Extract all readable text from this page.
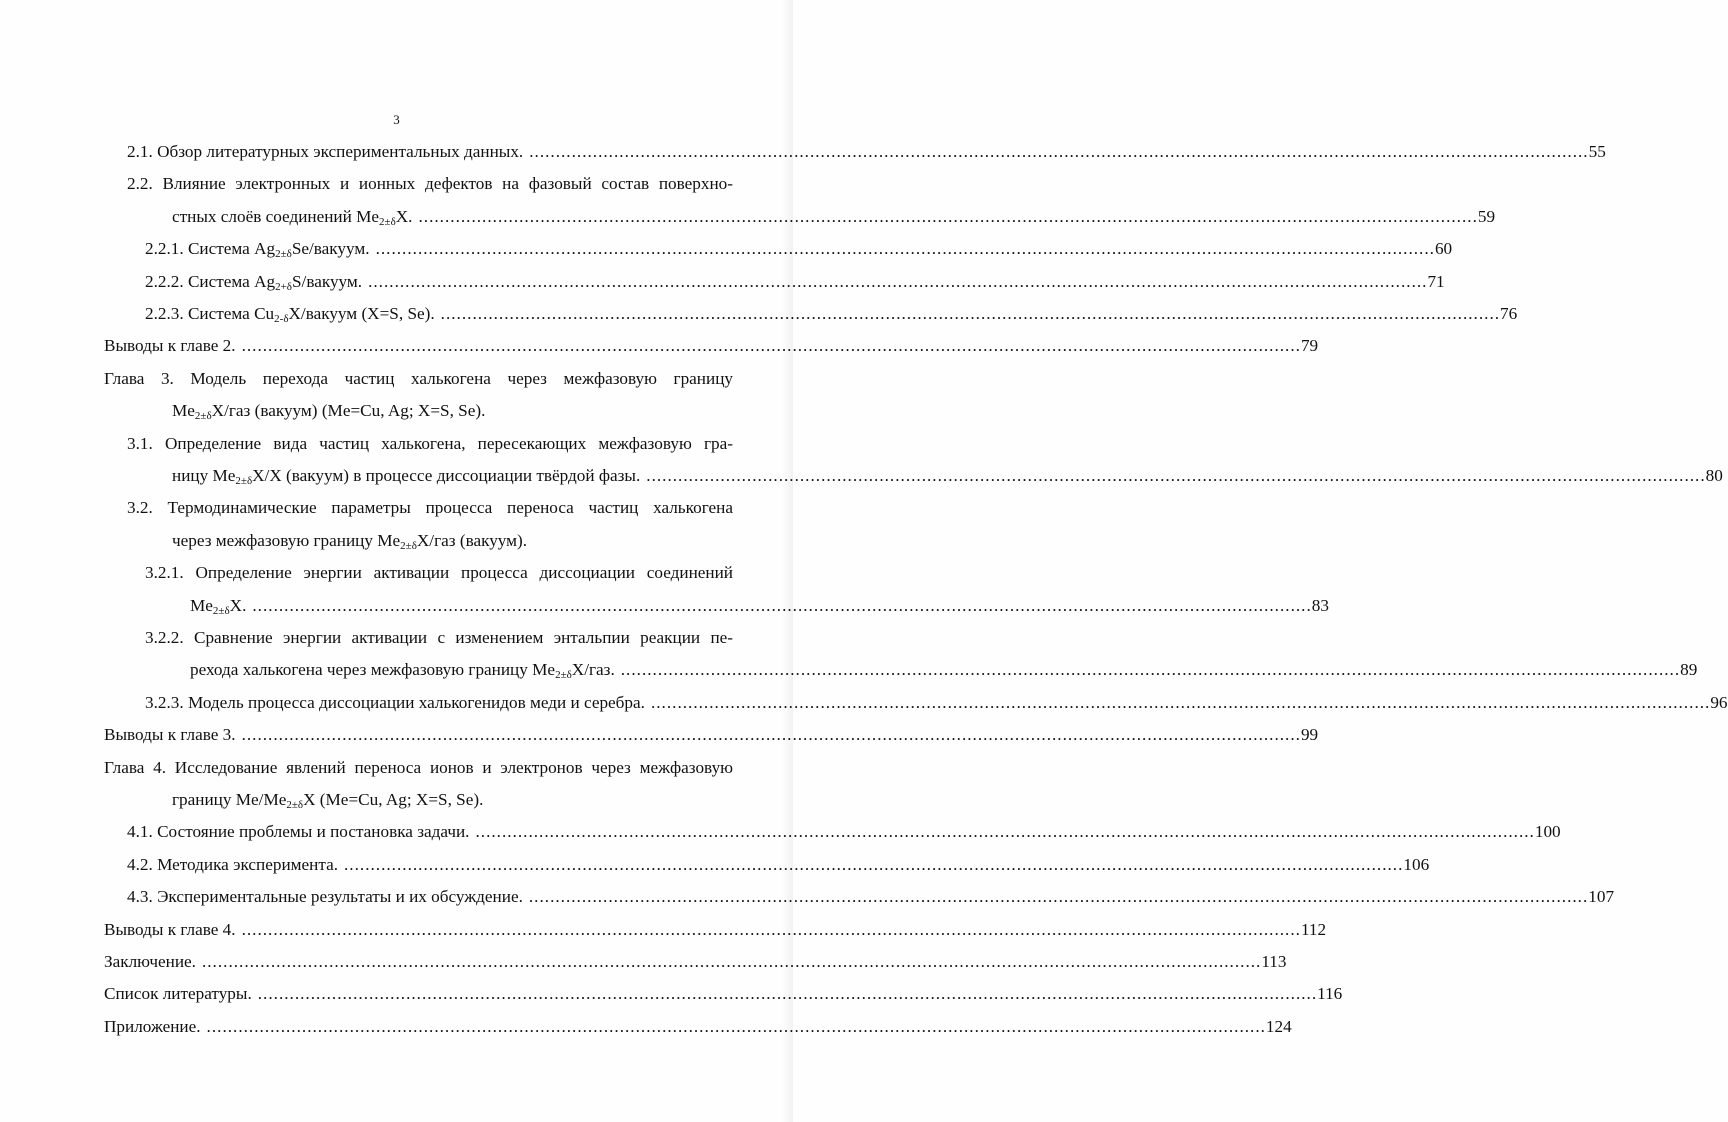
3
2.1. Обзор литературных экспериментальных данных. ........................................................................................................................................................................................................ 55
2.2. Влияние электронных и ионных дефектов на фазовый состав поверхно-
стных слоёв соединений $Me_{2\pm\delta}X$. ........................................................................................................................................................................................................ 59
2.2.1. Система $Ag_{2\pm\delta}Se$/вакуум. ........................................................................................................................................................................................................ 60
2.2.2. Система $Ag_{2+\delta}S$/вакуум. ........................................................................................................................................................................................................ 71
2.2.3. Система $Cu_{2-\delta}X$/вакуум (X=S, Se). ........................................................................................................................................................................................................ 76
Выводы к главе 2. ........................................................................................................................................................................................................ 79
Глава 3. Модель перехода частиц халькогена через межфазовую границу
$Me_{2\pm\delta}X$/газ (вакуум) (Me=Cu, Ag; X=S, Se).
3.1. Определение вида частиц халькогена, пересекающих межфазовую гра-
ницу $Me_{2\pm\delta}X/X$ (вакуум) в процессе диссоциации твёрдой фазы. ........................................................................................................................................................................................................ 80
3.2. Термодинамические параметры процесса переноса частиц халькогена
через межфазовую границу $Me_{2\pm\delta}X$/газ (вакуум).
3.2.1. Определение энергии активации процесса диссоциации соединений
$Me_{2\pm\delta}X$. ........................................................................................................................................................................................................ 83
3.2.2. Сравнение энергии активации с изменением энтальпии реакции пе-
рехода халькогена через межфазовую границу $Me_{2\pm\delta}X$/газ. ........................................................................................................................................................................................................ 89
3.2.3. Модель процесса диссоциации халькогенидов меди и серебра. ........................................................................................................................................................................................................ 96
Выводы к главе 3. ........................................................................................................................................................................................................ 99
Глава 4. Исследование явлений переноса ионов и электронов через межфазовую
границу $Me/Me_{2\pm\delta}X$ (Me=Cu, Ag; X=S, Se).
4.1. Состояние проблемы и постановка задачи. ........................................................................................................................................................................................................ 100
4.2. Методика эксперимента. ........................................................................................................................................................................................................ 106
4.3. Экспериментальные результаты и их обсуждение. ........................................................................................................................................................................................................ 107
Выводы к главе 4. ........................................................................................................................................................................................................ 112
Заключение. ........................................................................................................................................................................................................ 113
Список литературы. ........................................................................................................................................................................................................ 116
Приложение. ........................................................................................................................................................................................................ 124
